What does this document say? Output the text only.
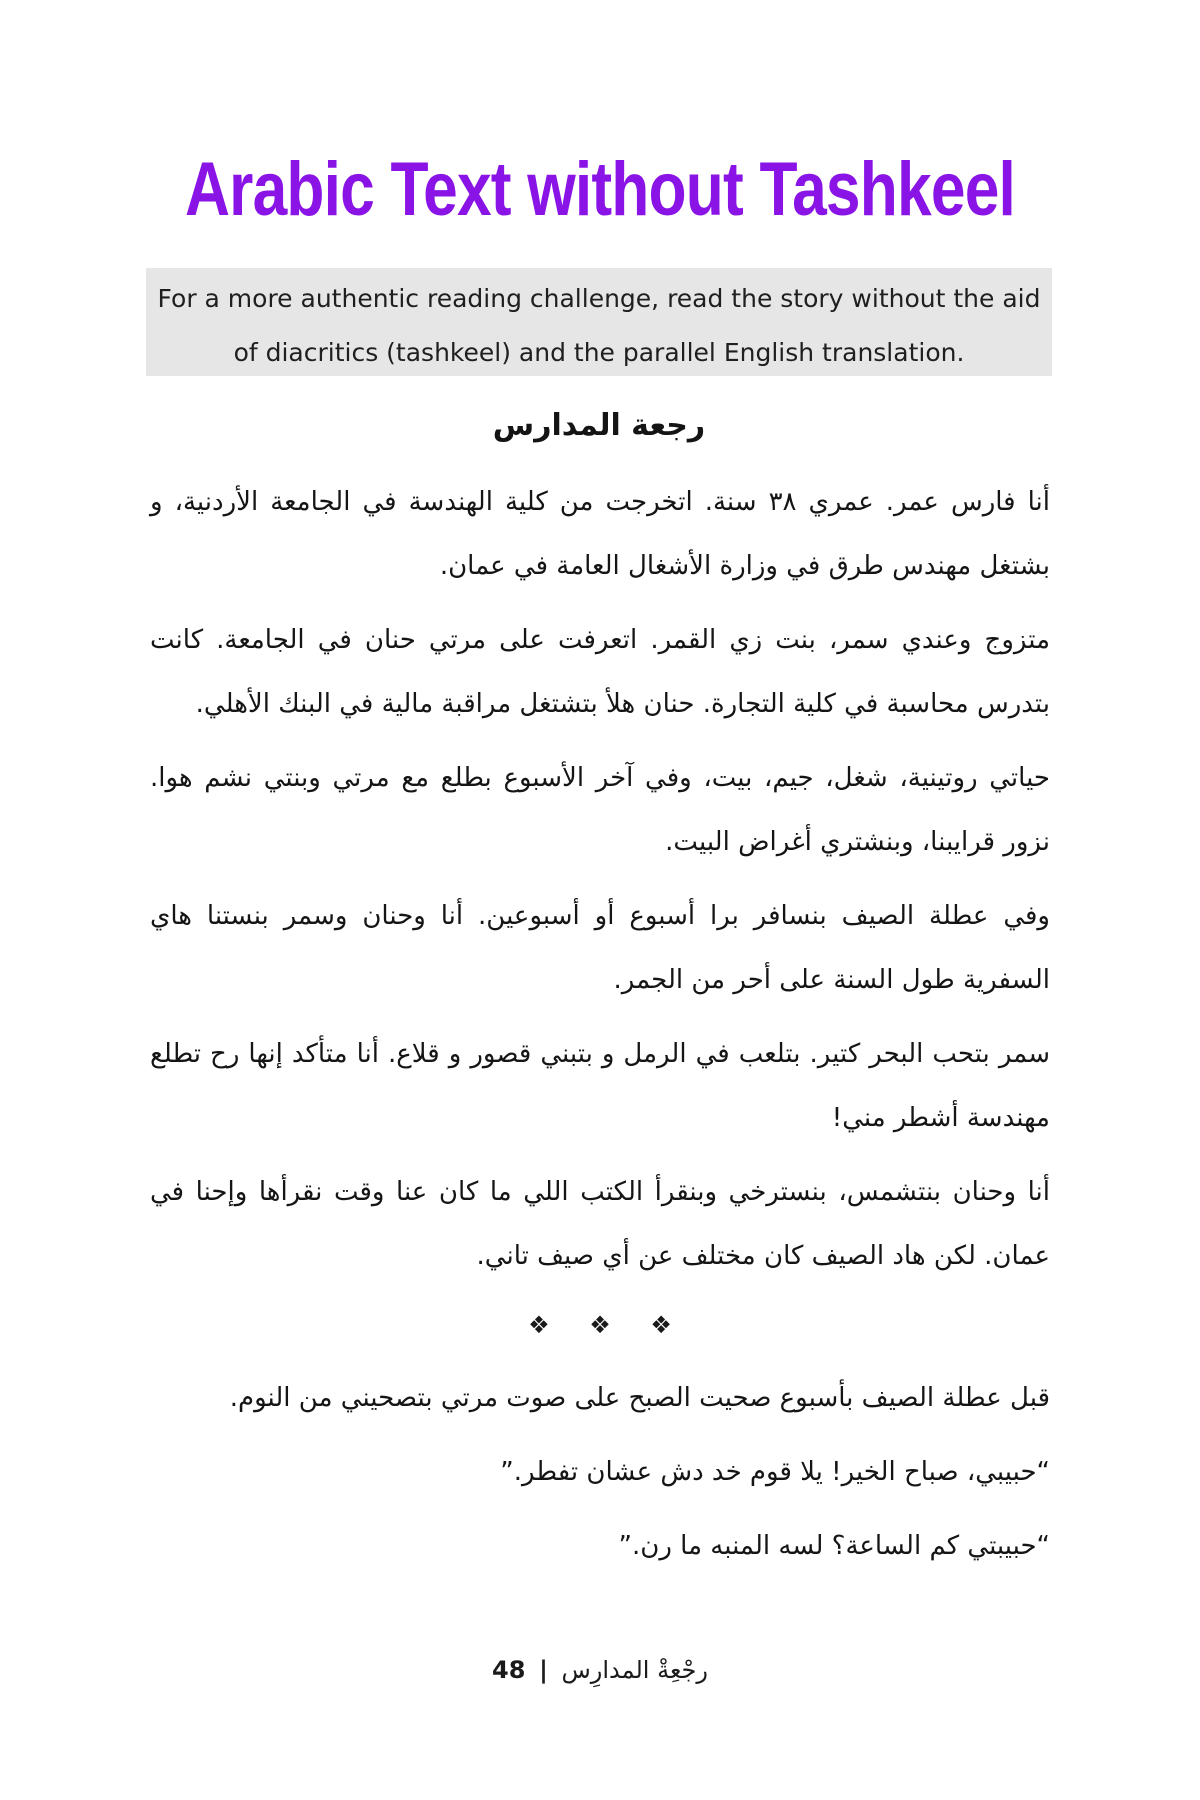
Arabic Text without Tashkeel
For a more authentic reading challenge, read the story without the aid of diacritics (tashkeel) and the parallel English translation.
رجعة المدارس

أنا فارس عمر. عمري ٣٨ سنة. اتخرجت من كلية الهندسة في الجامعة الأردنية، و بشتغل مهندس طرق في وزارة الأشغال العامة في عمان.

متزوج وعندي سمر، بنت زي القمر. اتعرفت على مرتي حنان في الجامعة. كانت بتدرس محاسبة في كلية التجارة. حنان هلأ بتشتغل مراقبة مالية في البنك الأهلي.

حياتي روتينية، شغل، جيم، بيت، وفي آخر الأسبوع بطلع مع مرتي وبنتي نشم هوا. نزور قرايبنا، وبنشتري أغراض البيت.

وفي عطلة الصيف بنسافر برا أسبوع أو أسبوعين. أنا وحنان وسمر بنستنا هاي السفرية طول السنة على أحر من الجمر.

سمر بتحب البحر كتير. بتلعب في الرمل و بتبني قصور و قلاع. أنا متأكد إنها رح تطلع مهندسة أشطر مني!

أنا وحنان بنتشمس، بنسترخي وبنقرأ الكتب اللي ما كان عنا وقت نقرأها وإحنا في عمان. لكن هاد الصيف كان مختلف عن أي صيف تاني.

❖ ❖ ❖

قبل عطلة الصيف بأسبوع صحيت الصبح على صوت مرتي بتصحيني من النوم.

“حبيبي، صباح الخير! يلا قوم خد دش عشان تفطر.”

“حبيبتي كم الساعة؟ لسه المنبه ما رن.”

48 | رجْعِةْ المدارِس
